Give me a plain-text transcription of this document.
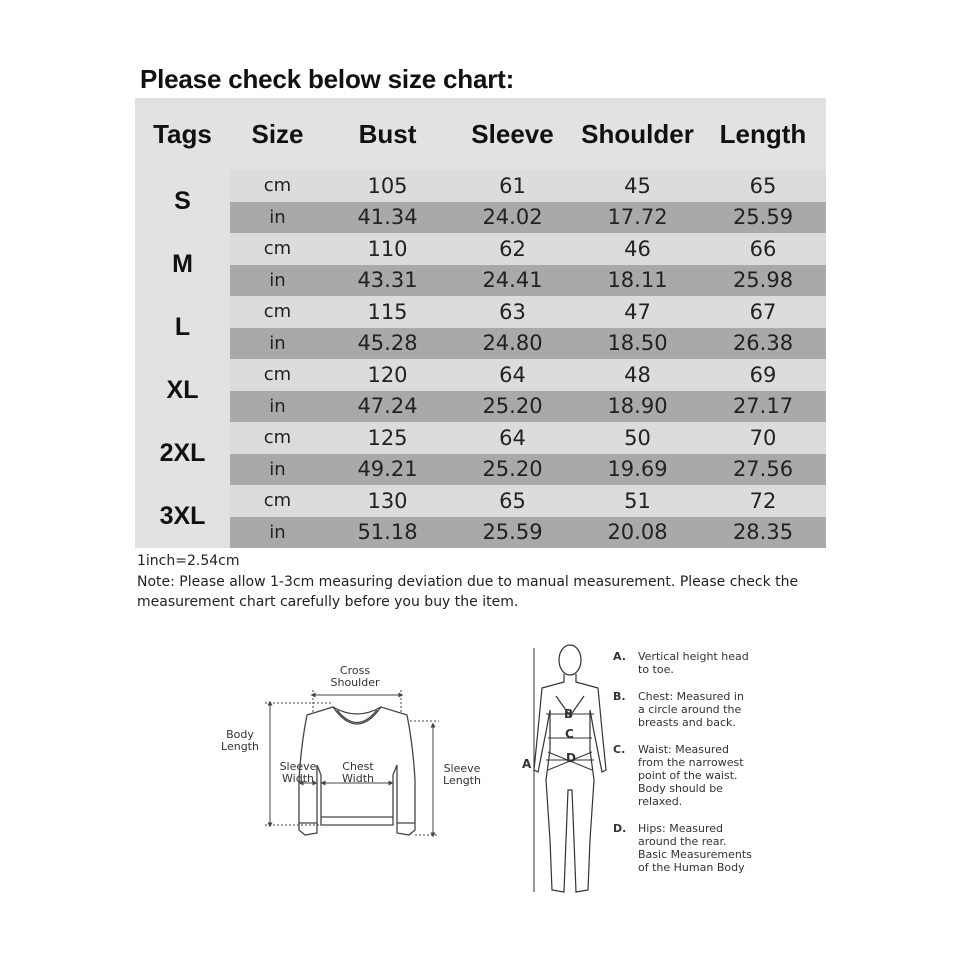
Please check below size chart:
Tags	Size	Bust	Sleeve	Shoulder	Length
S	cm	105	61	45	65
	in	41.34	24.02	17.72	25.59
M	cm	110	62	46	66
	in	43.31	24.41	18.11	25.98
L	cm	115	63	47	67
	in	45.28	24.80	18.50	26.38
XL	cm	120	64	48	69
	in	47.24	25.20	18.90	27.17
2XL	cm	125	64	50	70
	in	49.21	25.20	19.69	27.56
3XL	cm	130	65	51	72
	in	51.18	25.59	20.08	28.35
1inch=2.54cm
Note: Please allow 1-3cm measuring deviation due to manual measurement. Please check the measurement chart carefully before you buy the item.
Cross
Shoulder
Body
Length
Sleeve
Width
Chest
Width
Sleeve
Length
A
B
C
D
A. Vertical height head
to toe.
B. Chest: Measured in
a circle around the
breasts and back.
C. Waist: Measured
from the narrowest
point of the waist.
Body should be
relaxed.
D. Hips: Measured
around the rear.
Basic Measurements
of the Human Body
